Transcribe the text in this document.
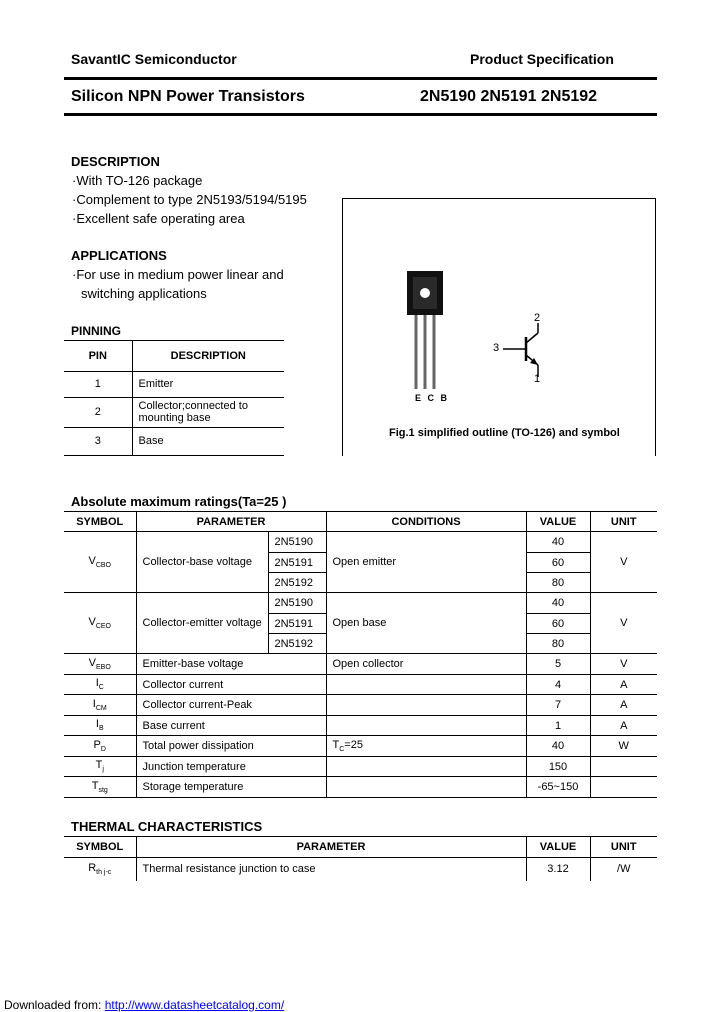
SavantIC Semiconductor	Product Specification
Silicon NPN Power Transistors	2N5190 2N5191 2N5192
DESCRIPTION
·With TO-126 package
·Complement to type 2N5193/5194/5195
·Excellent safe operating area
APPLICATIONS
·For use in medium power linear and
switching applications
PINNING
PIN	DESCRIPTION
1	Emitter
2	Collector;connected to mounting base
3	Base
E C B
2
3
1
Fig.1 simplified outline (TO-126) and symbol
Absolute maximum ratings(Ta=25 )
SYMBOL	PARAMETER		CONDITIONS	VALUE	UNIT
$V_{CBO}$	Collector-base voltage	2N5190	Open emitter	40	V
		2N5191		60	
		2N5192		80	
$V_{CEO}$	Collector-emitter voltage	2N5190	Open base	40	V
		2N5191		60	
		2N5192		80	
$V_{EBO}$	Emitter-base voltage		Open collector	5	V
$I_C$	Collector current			4	A
$I_{CM}$	Collector current-Peak			7	A
$I_B$	Base current			1	A
$P_D$	Total power dissipation		$T_C=25$	40	W
$T_j$	Junction temperature			150	
$T_{stg}$	Storage temperature			-65~150	
THERMAL CHARACTERISTICS
SYMBOL	PARAMETER	VALUE	UNIT
$R_{th j-c}$	Thermal resistance junction to case	3.12	/W
Downloaded from: http://www.datasheetcatalog.com/
